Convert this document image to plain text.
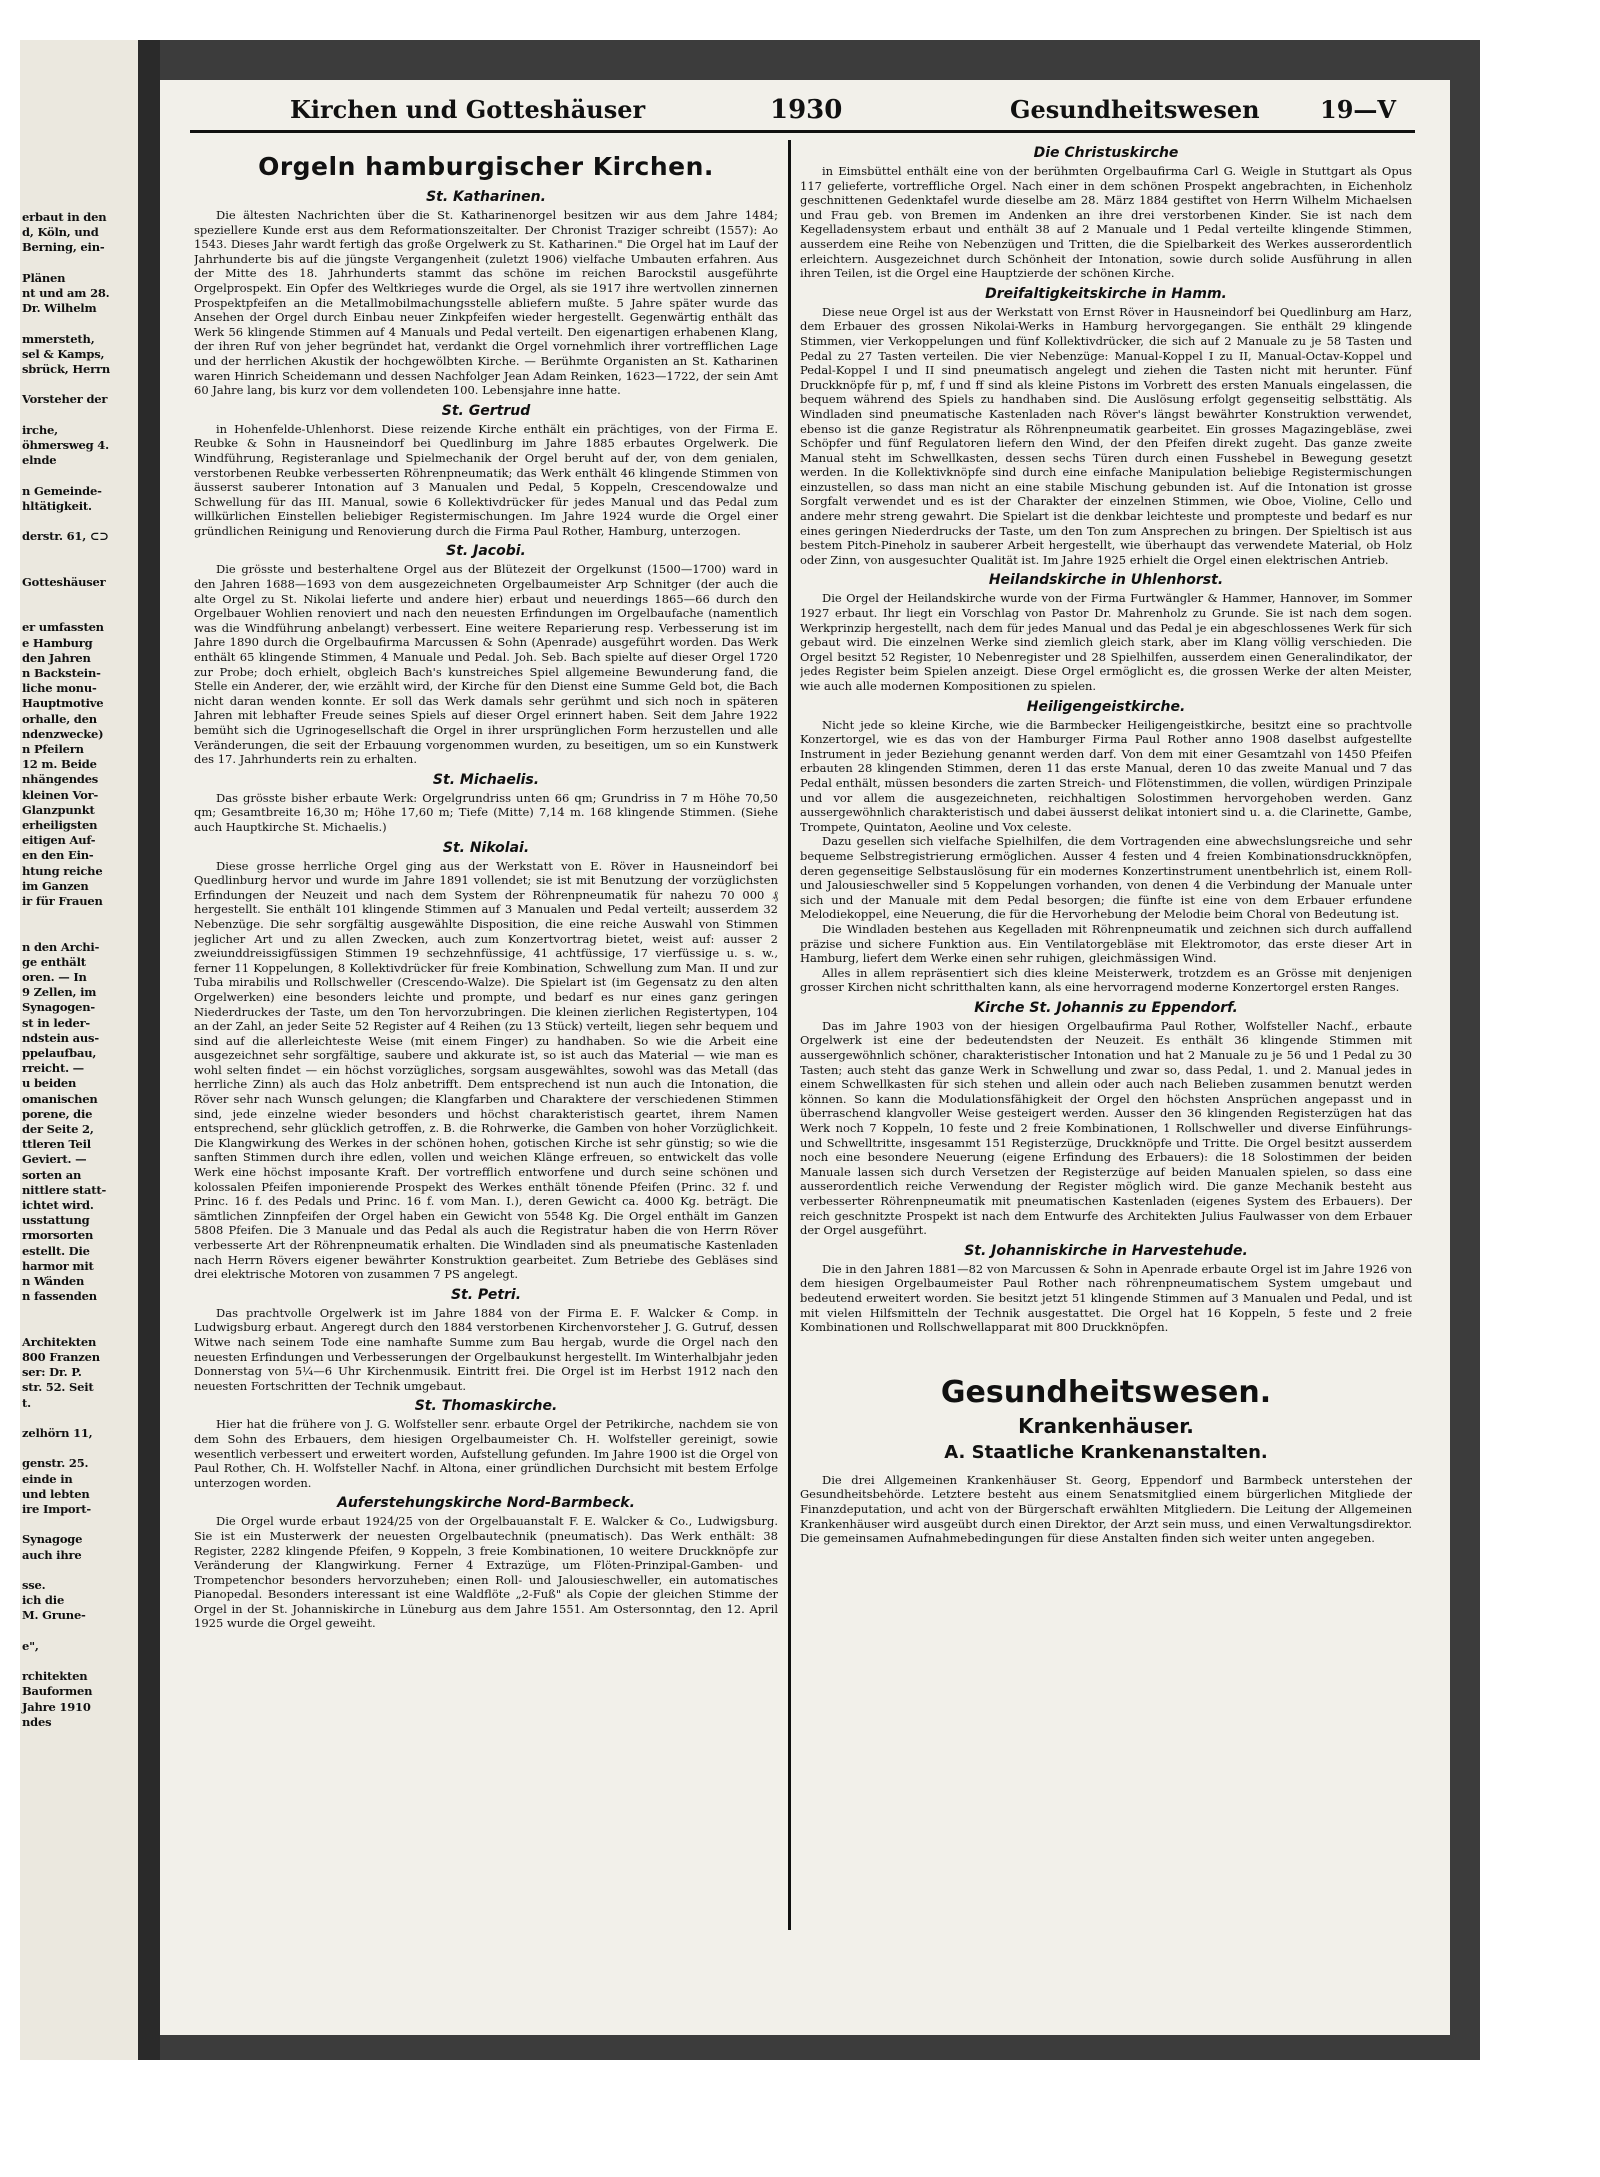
erbaut in den
d, Köln, und
Berning, ein-
Plänen
nt und am 28.
Dr. Wilhelm
mmersteth,
sel & Kamps,
sbrück, Herrn
Vorsteher der
irche,
öhmersweg 4.
elnde
n Gemeinde-
hltätigkeit.
derstr. 61, ⊂⊃
Gotteshäuser
er umfassten
e Hamburg
den Jahren
n Backstein-
liche monu-
Hauptmotive
orhalle, den
ndenzwecke)
n Pfeilern
12 m. Beide
nhängendes
kleinen Vor-
Glanzpunkt
erheiligsten
eitigen Auf-
en den Ein-
htung reiche
im Ganzen
ir für Frauen
n den Archi-
ge enthält
oren. — In
9 Zellen, im
Synagogen-
st in leder-
ndstein aus-
ppelaufbau,
rreicht. —
u beiden
omanischen
porene, die
der Seite 2,
ttleren Teil
Geviert. —
sorten an
nittlere statt-
ichtet wird.
usstattung
rmorsorten
estellt. Die
harmor mit
n Wänden
n fassenden
Architekten
800 Franzen
ser: Dr. P.
str. 52. Seit
t.
zelhörn 11,
genstr. 25.
einde in
und lebten
ire Import-
Synagoge
auch ihre
sse.
ich die
M. Grune-
e",
rchitekten
Bauformen
Jahre 1910
ndes
Kirchen und Gotteshäuser	1930	Gesundheitswesen	19—V
Orgeln hamburgischer Kirchen.
St. Katharinen.

Die ältesten Nachrichten über die St. Katharinenorgel besitzen wir aus dem Jahre 1484; speziellere Kunde erst aus dem Reformationszeitalter. Der Chronist Traziger schreibt (1557): Ao 1543. Dieses Jahr wardt fertigh das große Orgelwerk zu St. Katharinen." Die Orgel hat im Lauf der Jahrhunderte bis auf die jüngste Vergangenheit (zuletzt 1906) vielfache Umbauten erfahren. Aus der Mitte des 18. Jahrhunderts stammt das schöne im reichen Barockstil ausgeführte Orgelprospekt. Ein Opfer des Weltkrieges wurde die Orgel, als sie 1917 ihre wertvollen zinnernen Prospektpfeifen an die Metallmobilmachungsstelle abliefern mußte. 5 Jahre später wurde das Ansehen der Orgel durch Einbau neuer Zinkpfeifen wieder hergestellt. Gegenwärtig enthält das Werk 56 klingende Stimmen auf 4 Manuals und Pedal verteilt. Den eigenartigen erhabenen Klang, der ihren Ruf von jeher begründet hat, verdankt die Orgel vornehmlich ihrer vortrefflichen Lage und der herrlichen Akustik der hochgewölbten Kirche. — Berühmte Organisten an St. Katharinen waren Hinrich Scheidemann und dessen Nachfolger Jean Adam Reinken, 1623—1722, der sein Amt 60 Jahre lang, bis kurz vor dem vollendeten 100. Lebensjahre inne hatte.

St. Gertrud

in Hohenfelde-Uhlenhorst. Diese reizende Kirche enthält ein prächtiges, von der Firma E. Reubke & Sohn in Hausneindorf bei Quedlinburg im Jahre 1885 erbautes Orgelwerk. Die Windführung, Registeranlage und Spielmechanik der Orgel beruht auf der, von dem genialen, verstorbenen Reubke verbesserten Röhrenpneumatik; das Werk enthält 46 klingende Stimmen von äusserst sauberer Intonation auf 3 Manualen und Pedal, 5 Koppeln, Crescendowalze und Schwellung für das III. Manual, sowie 6 Kollektivdrücker für jedes Manual und das Pedal zum willkürlichen Einstellen beliebiger Registermischungen. Im Jahre 1924 wurde die Orgel einer gründlichen Reinigung und Renovierung durch die Firma Paul Rother, Hamburg, unterzogen.

St. Jacobi.

Die grösste und besterhaltene Orgel aus der Blütezeit der Orgelkunst (1500—1700) ward in den Jahren 1688—1693 von dem ausgezeichneten Orgelbaumeister Arp Schnitger (der auch die alte Orgel zu St. Nikolai lieferte und andere hier) erbaut und neuerdings 1865—66 durch den Orgelbauer Wohlien renoviert und nach den neuesten Erfindungen im Orgelbaufache (namentlich was die Windführung anbelangt) verbessert. Eine weitere Reparierung resp. Verbesserung ist im Jahre 1890 durch die Orgelbaufirma Marcussen & Sohn (Apenrade) ausgeführt worden. Das Werk enthält 65 klingende Stimmen, 4 Manuale und Pedal. Joh. Seb. Bach spielte auf dieser Orgel 1720 zur Probe; doch erhielt, obgleich Bach's kunstreiches Spiel allgemeine Bewunderung fand, die Stelle ein Anderer, der, wie erzählt wird, der Kirche für den Dienst eine Summe Geld bot, die Bach nicht daran wenden konnte. Er soll das Werk damals sehr gerühmt und sich noch in späteren Jahren mit lebhafter Freude seines Spiels auf dieser Orgel erinnert haben. Seit dem Jahre 1922 bemüht sich die Ugrinogesellschaft die Orgel in ihrer ursprünglichen Form herzustellen und alle Veränderungen, die seit der Erbauung vorgenommen wurden, zu beseitigen, um so ein Kunstwerk des 17. Jahrhunderts rein zu erhalten.

St. Michaelis.

Das grösste bisher erbaute Werk: Orgelgrundriss unten 66 qm; Grundriss in 7 m Höhe 70,50 qm; Gesamtbreite 16,30 m; Höhe 17,60 m; Tiefe (Mitte) 7,14 m. 168 klingende Stimmen. (Siehe auch Hauptkirche St. Michaelis.)

St. Nikolai.

Diese grosse herrliche Orgel ging aus der Werkstatt von E. Röver in Hausneindorf bei Quedlinburg hervor und wurde im Jahre 1891 vollendet; sie ist mit Benutzung der vorzüglichsten Erfindungen der Neuzeit und nach dem System der Röhrenpneumatik für nahezu 70 000 ₰ hergestellt. Sie enthält 101 klingende Stimmen auf 3 Manualen und Pedal verteilt; ausserdem 32 Nebenzüge. Die sehr sorgfältig ausgewählte Disposition, die eine reiche Auswahl von Stimmen jeglicher Art und zu allen Zwecken, auch zum Konzertvortrag bietet, weist auf: ausser 2 zweiunddreissigfüssigen Stimmen 19 sechzehnfüssige, 41 achtfüssige, 17 vierfüssige u. s. w., ferner 11 Koppelungen, 8 Kollektivdrücker für freie Kombination, Schwellung zum Man. II und zur Tuba mirabilis und Rollschweller (Crescendo-Walze). Die Spielart ist (im Gegensatz zu den alten Orgelwerken) eine besonders leichte und prompte, und bedarf es nur eines ganz geringen Niederdruckes der Taste, um den Ton hervorzubringen. Die kleinen zierlichen Registertypen, 104 an der Zahl, an jeder Seite 52 Register auf 4 Reihen (zu 13 Stück) verteilt, liegen sehr bequem und sind auf die allerleichteste Weise (mit einem Finger) zu handhaben. So wie die Arbeit eine ausgezeichnet sehr sorgfältige, saubere und akkurate ist, so ist auch das Material — wie man es wohl selten findet — ein höchst vorzügliches, sorgsam ausgewähltes, sowohl was das Metall (das herrliche Zinn) als auch das Holz anbetrifft. Dem entsprechend ist nun auch die Intonation, die Röver sehr nach Wunsch gelungen; die Klangfarben und Charaktere der verschiedenen Stimmen sind, jede einzelne wieder besonders und höchst charakteristisch geartet, ihrem Namen entsprechend, sehr glücklich getroffen, z. B. die Rohrwerke, die Gamben von hoher Vorzüglichkeit. Die Klangwirkung des Werkes in der schönen hohen, gotischen Kirche ist sehr günstig; so wie die sanften Stimmen durch ihre edlen, vollen und weichen Klänge erfreuen, so entwickelt das volle Werk eine höchst imposante Kraft. Der vortrefflich entworfene und durch seine schönen und kolossalen Pfeifen imponierende Prospekt des Werkes enthält tönende Pfeifen (Princ. 32 f. und Princ. 16 f. des Pedals und Princ. 16 f. vom Man. I.), deren Gewicht ca. 4000 Kg. beträgt. Die sämtlichen Zinnpfeifen der Orgel haben ein Gewicht von 5548 Kg. Die Orgel enthält im Ganzen 5808 Pfeifen. Die 3 Manuale und das Pedal als auch die Registratur haben die von Herrn Röver verbesserte Art der Röhrenpneumatik erhalten. Die Windladen sind als pneumatische Kastenladen nach Herrn Rövers eigener bewährter Konstruktion gearbeitet. Zum Betriebe des Gebläses sind drei elektrische Motoren von zusammen 7 PS angelegt.

St. Petri.

Das prachtvolle Orgelwerk ist im Jahre 1884 von der Firma E. F. Walcker & Comp. in Ludwigsburg erbaut. Angeregt durch den 1884 verstorbenen Kirchenvorsteher J. G. Gutruf, dessen Witwe nach seinem Tode eine namhafte Summe zum Bau hergab, wurde die Orgel nach den neuesten Erfindungen und Verbesserungen der Orgelbaukunst hergestellt. Im Winterhalbjahr jeden Donnerstag von 5¼—6 Uhr Kirchenmusik. Eintritt frei. Die Orgel ist im Herbst 1912 nach den neuesten Fortschritten der Technik umgebaut.

St. Thomaskirche.

Hier hat die frühere von J. G. Wolfsteller senr. erbaute Orgel der Petrikirche, nachdem sie von dem Sohn des Erbauers, dem hiesigen Orgelbaumeister Ch. H. Wolfsteller gereinigt, sowie wesentlich verbessert und erweitert worden, Aufstellung gefunden. Im Jahre 1900 ist die Orgel von Paul Rother, Ch. H. Wolfsteller Nachf. in Altona, einer gründlichen Durchsicht mit bestem Erfolge unterzogen worden.

Auferstehungskirche Nord-Barmbeck.

Die Orgel wurde erbaut 1924/25 von der Orgelbauanstalt F. E. Walcker & Co., Ludwigsburg. Sie ist ein Musterwerk der neuesten Orgelbautechnik (pneumatisch). Das Werk enthält: 38 Register, 2282 klingende Pfeifen, 9 Koppeln, 3 freie Kombinationen, 10 weitere Druckknöpfe zur Veränderung der Klangwirkung. Ferner 4 Extrazüge, um Flöten-Prinzipal-Gamben- und Trompetenchor besonders hervorzuheben; einen Roll- und Jalousieschweller, ein automatisches Pianopedal. Besonders interessant ist eine Waldflöte „2-Fuß" als Copie der gleichen Stimme der Orgel in der St. Johanniskirche in Lüneburg aus dem Jahre 1551. Am Ostersonntag, den 12. April 1925 wurde die Orgel geweiht.

Die Christuskirche

in Eimsbüttel enthält eine von der berühmten Orgelbaufirma Carl G. Weigle in Stuttgart als Opus 117 gelieferte, vortreffliche Orgel. Nach einer in dem schönen Prospekt angebrachten, in Eichenholz geschnittenen Gedenktafel wurde dieselbe am 28. März 1884 gestiftet von Herrn Wilhelm Michaelsen und Frau geb. von Bremen im Andenken an ihre drei verstorbenen Kinder. Sie ist nach dem Kegelladensystem erbaut und enthält 38 auf 2 Manuale und 1 Pedal verteilte klingende Stimmen, ausserdem eine Reihe von Nebenzügen und Tritten, die die Spielbarkeit des Werkes ausserordentlich erleichtern. Ausgezeichnet durch Schönheit der Intonation, sowie durch solide Ausführung in allen ihren Teilen, ist die Orgel eine Hauptzierde der schönen Kirche.

Dreifaltigkeitskirche in Hamm.

Diese neue Orgel ist aus der Werkstatt von Ernst Röver in Hausneindorf bei Quedlinburg am Harz, dem Erbauer des grossen Nikolai-Werks in Hamburg hervorgegangen. Sie enthält 29 klingende Stimmen, vier Verkoppelungen und fünf Kollektivdrücker, die sich auf 2 Manuale zu je 58 Tasten und Pedal zu 27 Tasten verteilen. Die vier Nebenzüge: Manual-Koppel I zu II, Manual-Octav-Koppel und Pedal-Koppel I und II sind pneumatisch angelegt und ziehen die Tasten nicht mit herunter. Fünf Druckknöpfe für p, mf, f und ff sind als kleine Pistons im Vorbrett des ersten Manuals eingelassen, die bequem während des Spiels zu handhaben sind. Die Auslösung erfolgt gegenseitig selbsttätig. Als Windladen sind pneumatische Kastenladen nach Röver's längst bewährter Konstruktion verwendet, ebenso ist die ganze Registratur als Röhrenpneumatik gearbeitet. Ein grosses Magazingebläse, zwei Schöpfer und fünf Regulatoren liefern den Wind, der den Pfeifen direkt zugeht. Das ganze zweite Manual steht im Schwellkasten, dessen sechs Türen durch einen Fusshebel in Bewegung gesetzt werden. In die Kollektivknöpfe sind durch eine einfache Manipulation beliebige Registermischungen einzustellen, so dass man nicht an eine stabile Mischung gebunden ist. Auf die Intonation ist grosse Sorgfalt verwendet und es ist der Charakter der einzelnen Stimmen, wie Oboe, Violine, Cello und andere mehr streng gewahrt. Die Spielart ist die denkbar leichteste und prompteste und bedarf es nur eines geringen Niederdrucks der Taste, um den Ton zum Ansprechen zu bringen. Der Spieltisch ist aus bestem Pitch-Pineholz in sauberer Arbeit hergestellt, wie überhaupt das verwendete Material, ob Holz oder Zinn, von ausgesuchter Qualität ist. Im Jahre 1925 erhielt die Orgel einen elektrischen Antrieb.

Heilandskirche in Uhlenhorst.

Die Orgel der Heilandskirche wurde von der Firma Furtwängler & Hammer, Hannover, im Sommer 1927 erbaut. Ihr liegt ein Vorschlag von Pastor Dr. Mahrenholz zu Grunde. Sie ist nach dem sogen. Werkprinzip hergestellt, nach dem für jedes Manual und das Pedal je ein abgeschlossenes Werk für sich gebaut wird. Die einzelnen Werke sind ziemlich gleich stark, aber im Klang völlig verschieden. Die Orgel besitzt 52 Register, 10 Nebenregister und 28 Spielhilfen, ausserdem einen Generalindikator, der jedes Register beim Spielen anzeigt. Diese Orgel ermöglicht es, die grossen Werke der alten Meister, wie auch alle modernen Kompositionen zu spielen.

Heiligengeistkirche.

Nicht jede so kleine Kirche, wie die Barmbecker Heiligengeistkirche, besitzt eine so prachtvolle Konzertorgel, wie es das von der Hamburger Firma Paul Rother anno 1908 daselbst aufgestellte Instrument in jeder Beziehung genannt werden darf. Von dem mit einer Gesamtzahl von 1450 Pfeifen erbauten 28 klingenden Stimmen, deren 11 das erste Manual, deren 10 das zweite Manual und 7 das Pedal enthält, müssen besonders die zarten Streich- und Flötenstimmen, die vollen, würdigen Prinzipale und vor allem die ausgezeichneten, reichhaltigen Solostimmen hervorgehoben werden. Ganz aussergewöhnlich charakteristisch und dabei äusserst delikat intoniert sind u. a. die Clarinette, Gambe, Trompete, Quintaton, Aeoline und Vox celeste.

Dazu gesellen sich vielfache Spielhilfen, die dem Vortragenden eine abwechslungsreiche und sehr bequeme Selbstregistrierung ermöglichen. Ausser 4 festen und 4 freien Kombinationsdruckknöpfen, deren gegenseitige Selbstauslösung für ein modernes Konzertinstrument unentbehrlich ist, einem Roll- und Jalousieschweller sind 5 Koppelungen vorhanden, von denen 4 die Verbindung der Manuale unter sich und der Manuale mit dem Pedal besorgen; die fünfte ist eine von dem Erbauer erfundene Melodiekoppel, eine Neuerung, die für die Hervorhebung der Melodie beim Choral von Bedeutung ist.

Die Windladen bestehen aus Kegelladen mit Röhrenpneumatik und zeichnen sich durch auffallend präzise und sichere Funktion aus. Ein Ventilatorgebläse mit Elektromotor, das erste dieser Art in Hamburg, liefert dem Werke einen sehr ruhigen, gleichmässigen Wind.

Alles in allem repräsentiert sich dies kleine Meisterwerk, trotzdem es an Grösse mit denjenigen grosser Kirchen nicht schritthalten kann, als eine hervorragend moderne Konzertorgel ersten Ranges.

Kirche St. Johannis zu Eppendorf.

Das im Jahre 1903 von der hiesigen Orgelbaufirma Paul Rother, Wolfsteller Nachf., erbaute Orgelwerk ist eine der bedeutendsten der Neuzeit. Es enthält 36 klingende Stimmen mit aussergewöhnlich schöner, charakteristischer Intonation und hat 2 Manuale zu je 56 und 1 Pedal zu 30 Tasten; auch steht das ganze Werk in Schwellung und zwar so, dass Pedal, 1. und 2. Manual jedes in einem Schwellkasten für sich stehen und allein oder auch nach Belieben zusammen benutzt werden können. So kann die Modulationsfähigkeit der Orgel den höchsten Ansprüchen angepasst und in überraschend klangvoller Weise gesteigert werden. Ausser den 36 klingenden Registerzügen hat das Werk noch 7 Koppeln, 10 feste und 2 freie Kombinationen, 1 Rollschweller und diverse Einführungs- und Schwelltritte, insgesammt 151 Registerzüge, Druckknöpfe und Tritte. Die Orgel besitzt ausserdem noch eine besondere Neuerung (eigene Erfindung des Erbauers): die 18 Solostimmen der beiden Manuale lassen sich durch Versetzen der Registerzüge auf beiden Manualen spielen, so dass eine ausserordentlich reiche Verwendung der Register möglich wird. Die ganze Mechanik besteht aus verbesserter Röhrenpneumatik mit pneumatischen Kastenladen (eigenes System des Erbauers). Der reich geschnitzte Prospekt ist nach dem Entwurfe des Architekten Julius Faulwasser von dem Erbauer der Orgel ausgeführt.

St. Johanniskirche in Harvestehude.

Die in den Jahren 1881—82 von Marcussen & Sohn in Apenrade erbaute Orgel ist im Jahre 1926 von dem hiesigen Orgelbaumeister Paul Rother nach röhrenpneumatischem System umgebaut und bedeutend erweitert worden. Sie besitzt jetzt 51 klingende Stimmen auf 3 Manualen und Pedal, und ist mit vielen Hilfsmitteln der Technik ausgestattet. Die Orgel hat 16 Koppeln, 5 feste und 2 freie Kombinationen und Rollschwellapparat mit 800 Druckknöpfen.

Gesundheitswesen.
Krankenhäuser.
A. Staatliche Krankenanstalten.

Die drei Allgemeinen Krankenhäuser St. Georg, Eppendorf und Barmbeck unterstehen der Gesundheitsbehörde. Letztere besteht aus einem Senatsmitglied einem bürgerlichen Mitgliede der Finanzdeputation, und acht von der Bürgerschaft erwählten Mitgliedern. Die Leitung der Allgemeinen Krankenhäuser wird ausgeübt durch einen Direktor, der Arzt sein muss, und einen Verwaltungsdirektor. Die gemeinsamen Aufnahmebedingungen für diese Anstalten finden sich weiter unten angegeben.
